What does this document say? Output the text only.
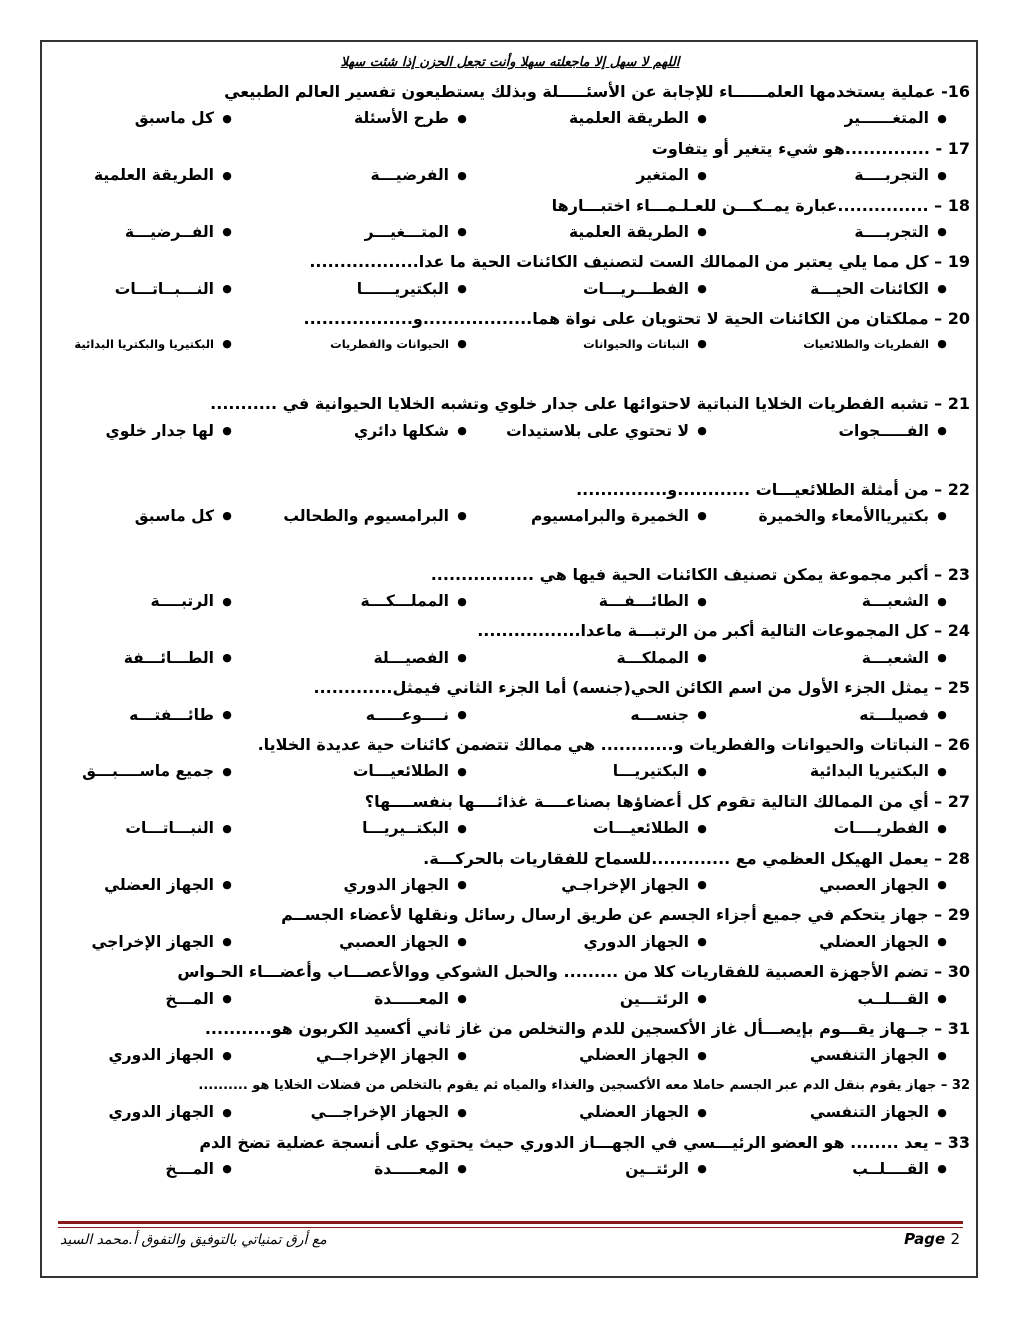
اللهم لا سهل إلا ماجعلته سهلا وأنت تجعل الحزن إذا شئت سهلا
16- عملية يستخدمها العلمــــــاء للإجابة عن الأسئـــــلة وبذلك يستطيعون تفسير العالم الطبيعي
●المتغــــــير
●الطريقة العلمية
●طرح الأسئلة
●كل ماسبق
17 - ..............هو شيء يتغير أو يتفاوت
●التجربــــة
●المتغير
●الفرضيـــة
●الطريقة العلمية
18 – ...............عبارة يمــكـــن للعـلـمـــاء اختبـــارها
●التجربــــة
●الطريقة العلمية
●المتـــغيـــر
●الفــرضيـــة
19 – كل مما يلي يعتبر من الممالك الست لتصنيف الكائنات الحية ما عدا..................
●الكائنات الحيـــة
●الفطـــريـــات
●البكتيريــــــا
●النـــبــاتـــات
20 – مملكتان من الكائنات الحية لا تحتويان على نواة هما..................و..................
●الفطريات والطلائعيات
●النباتات والحيوانات
●الحيوانات والفطريات
●البكتيريا والبكتريا البدائية
21 – تشبه الفطريات الخلايا النباتية لاحتوائها على جدار خلوي وتشبه الخلايا الحيوانية في ...........
●الفـــــجوات
●لا تحتوي على بلاستيدات
●شكلها دائري
●لها جدار خلوي
22 – من أمثلة الطلائعيـــات ............و...............
●بكتيرياالأمعاء والخميرة
●الخميرة والبرامسيوم
●البرامسيوم والطحالب
●كل ماسبق
23 – أكبر مجموعة يمكن تصنيف الكائنات الحية فيها هي .................
●الشعبـــة
●الطائـــفـــة
●المملـــكـــة
●الرتبــــة
24 – كل المجموعات التالية أكبر من الرتبـــة ماعدا.................
●الشعبـــة
●المملكـــة
●الفصيـــلة
●الطـــائـــفة
25 – يمثل الجزء الأول من اسم الكائن الحي(جنسه) أما الجزء الثاني فيمثل.............
●فصيلـــته
●جنســـه
●نــــوعـــــه
●طائـــفتـــه
26 – النباتات والحيوانات والفطريات و............ هي ممالك تتضمن كائنات حية عديدة الخلايا.
●البكتيريا البدائية
●البكتيريـــا
●الطلائعيـــات
●جميع ماســــبـــق
27 – أي من الممالك التالية تقوم كل أعضاؤها بصناعــــة غذائــــها بنفســــها؟
●الفطريــــات
●الطلائعيـــات
●البكتــيريـــا
●النبـــاتـــات
28 – يعمل الهيكل العظمي مع .............للسماح للفقاريات بالحركـــة.
●الجهاز العصبي
●الجهاز الإخراجـي
●الجهاز الدوري
●الجهاز العضلي
29 – جهاز يتحكم في جميع أجزاء الجسم عن طريق ارسال رسائل ونقلها لأعضاء الجســم
●الجهاز العضلي
●الجهاز الدوري
●الجهاز العصبي
●الجهاز الإخراجي
30 – تضم الأجهزة العصبية للفقاريات كلا من ......... والحبل الشوكي ووالأعصـــاب وأعضـــاء الحـواس
●القـــلــب
●الرئتـــين
●المعـــــدة
●المـــخ
31 – جــهاز يقـــوم بإيصـــأل غاز الأكسجين للدم والتخلص من غاز ثاني أكسيد الكربون هو...........
●الجهاز التنفسي
●الجهاز العضلي
●الجهاز الإخراجــي
●الجهاز الدوري
32 – جهاز يقوم بنقل الدم عبر الجسم حاملا معه الأكسجين والغذاء والمياه ثم يقوم بالتخلص من فضلات الخلايا هو ..........
●الجهاز التنفسي
●الجهاز العضلي
●الجهاز الإخراجـــي
●الجهاز الدوري
33 – يعد ........ هو العضو الرئيـــسي في الجهـــاز الدوري حيث يحتوي على أنسجة عضلية تضخ الدم
●القــــلــب
●الرئتــين
●المعـــــدة
●المـــخ
Page 2
مع أرق تمنياتي بالتوفيق والتفوق أ.محمد السيد
